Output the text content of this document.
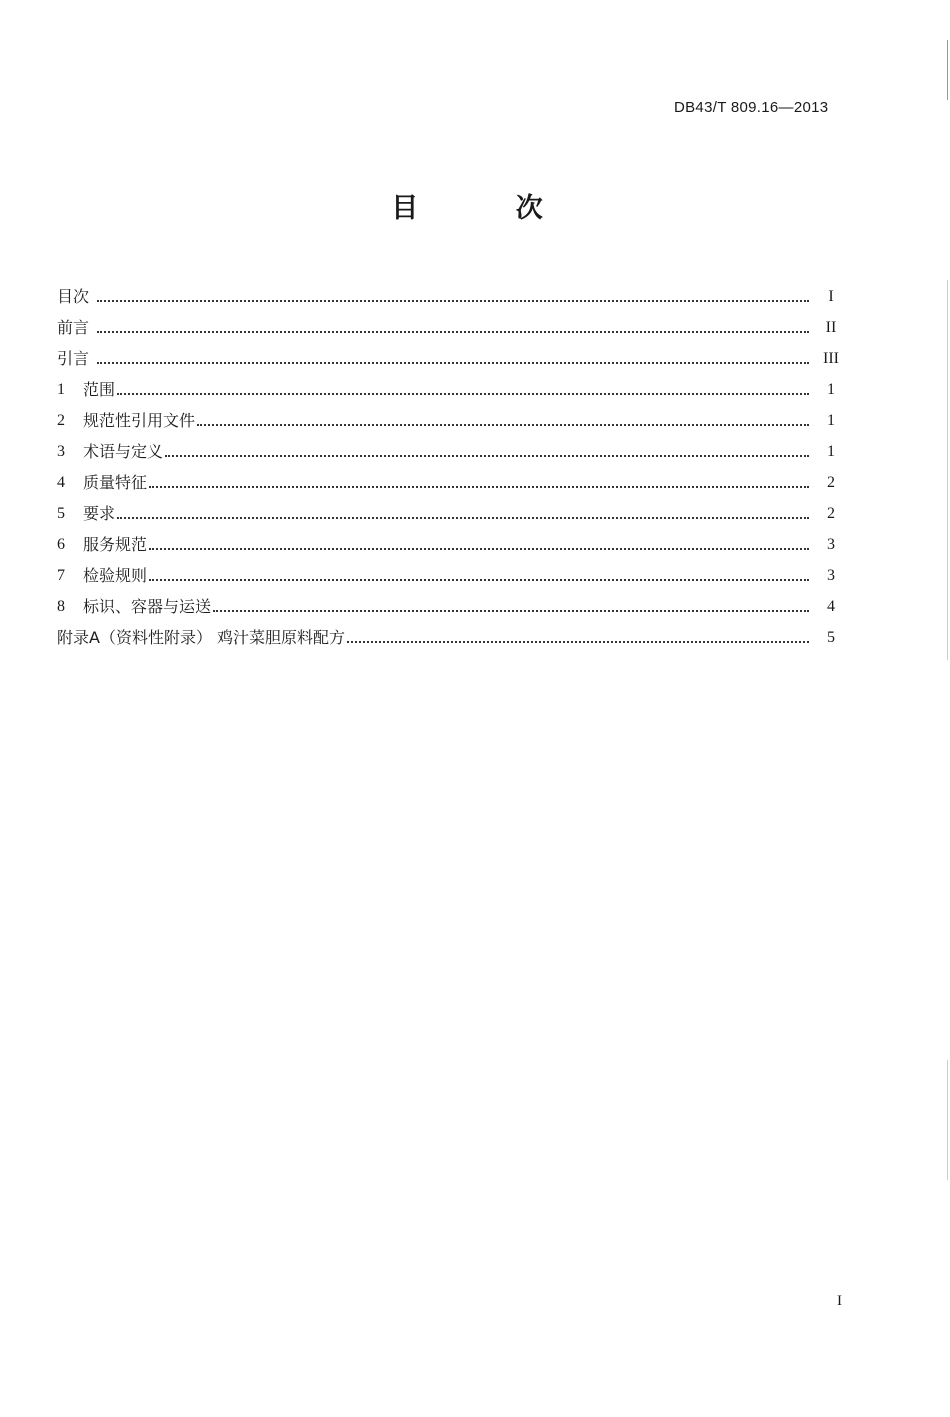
DB43/T 809.16—2013
目 次
目次	I
前言	II
引言	III
1	范围	1
2	规范性引用文件	1
3	术语与定义	1
4	质量特征	2
5	要求	2
6	服务规范	3
7	检验规则	3
8	标识、容器与运送	4
附录A（资料性附录） 鸡汁菜胆原料配方	5
I
